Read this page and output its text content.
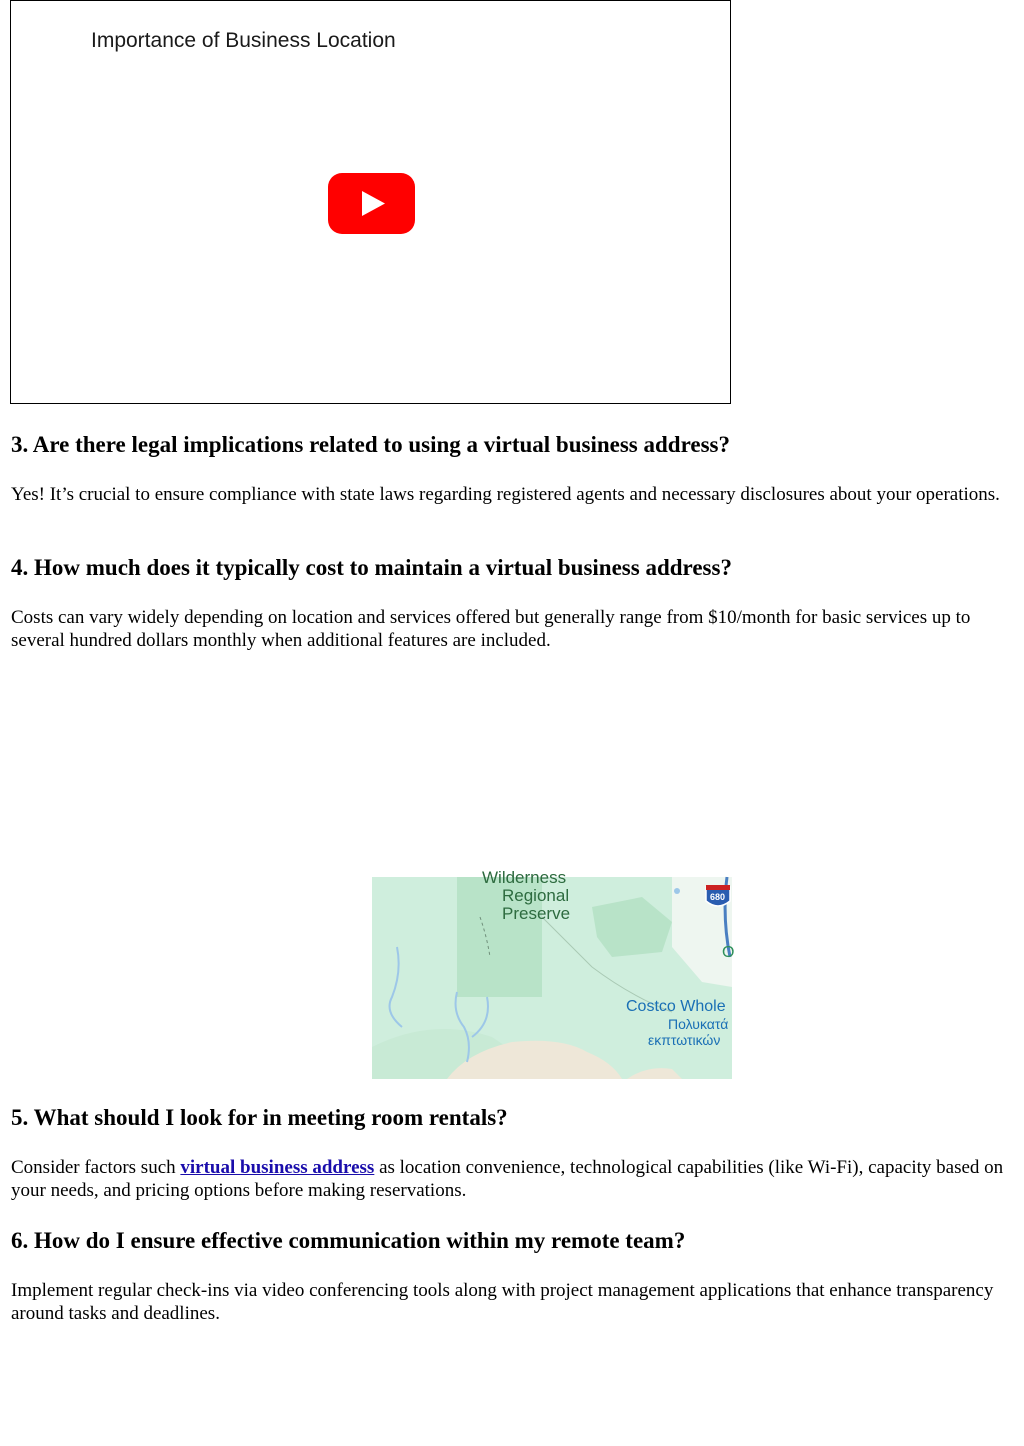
Importance of Business Location
3. Are there legal implications related to using a virtual business address?

Yes! It’s crucial to ensure compliance with state laws regarding registered agents and necessary disclosures about your operations.

4. How much does it typically cost to maintain a virtual business address?

Costs can vary widely depending on location and services offered but generally range from $10/month for basic services up to several hundred dollars monthly when additional features are included.

Wilderness
Regional
Preserve
680
O
Costco Whole
Πολυκατά
εκπτωτικών
5. What should I look for in meeting room rentals?

Consider factors such virtual business address as location convenience, technological capabilities (like Wi-Fi), capacity based on your needs, and pricing options before making reservations.

6. How do I ensure effective communication within my remote team?

Implement regular check-ins via video conferencing tools along with project management applications that enhance transparency around tasks and deadlines.
